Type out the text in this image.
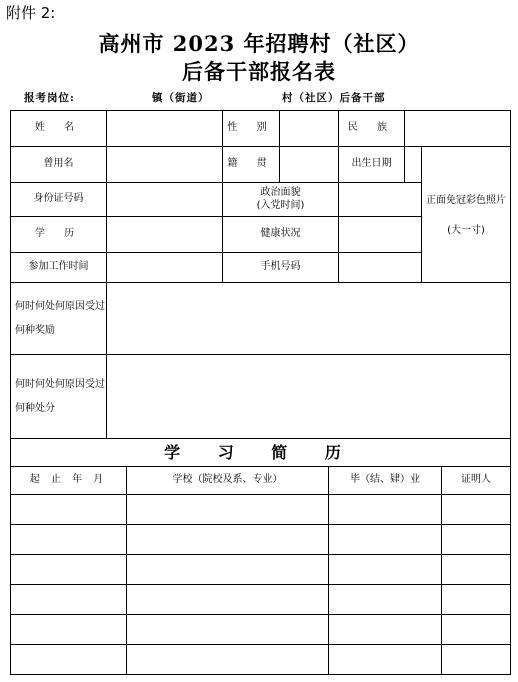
附件 2:
高州市 2023 年招聘村（社区）
后备干部报名表
报考岗位:	镇（街道）	村（社区）后备干部
姓 名		性 别		民 族		
曾用名		籍 贯		出生日期		正面免冠彩色照片
(大一寸)

身份证号码		政治面貌
(入党时间)				

学 历		健康状况				
参加工作时间		手机号码				
何时何处何原因受过何种奖励						
何时何处何原因受过何种处分						
学 习 简 历			
起 止 年 月	学校（院校及系、专业）	毕（结、肄）业	证明人
